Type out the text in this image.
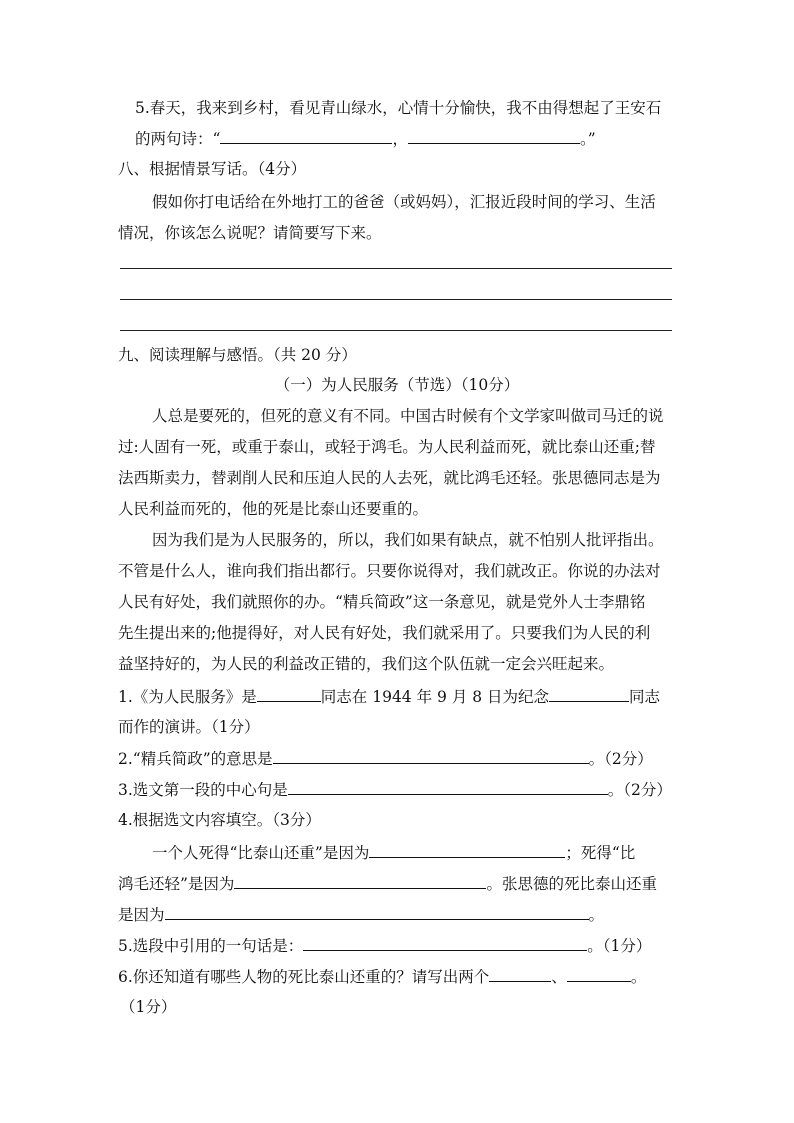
5.春天，我来到乡村，看见青山绿水，心情十分愉快，我不由得想起了王安石
的两句诗：“	，	。”
八、根据情景写话。（4分）
假如你打电话给在外地打工的爸爸（或妈妈），汇报近段时间的学习、生活
情况，你该怎么说呢？请简要写下来。
九、阅读理解与感悟。（共 20 分）
（一）为人民服务（节选）（10分）
人总是要死的，但死的意义有不同。中国古时候有个文学家叫做司马迁的说
过:人固有一死，或重于泰山，或轻于鸿毛。为人民利益而死，就比泰山还重;替
法西斯卖力，替剥削人民和压迫人民的人去死，就比鸿毛还轻。张思德同志是为
人民利益而死的，他的死是比泰山还要重的。
因为我们是为人民服务的，所以，我们如果有缺点，就不怕别人批评指出。
不管是什么人，谁向我们指出都行。只要你说得对，我们就改正。你说的办法对
人民有好处，我们就照你的办。“精兵简政”这一条意见，就是党外人士李鼎铭
先生提出来的;他提得好，对人民有好处，我们就采用了。只要我们为人民的利
益坚持好的，为人民的利益改正错的，我们这个队伍就一定会兴旺起来。
1.《为人民服务》是	同志在 1944 年 9 月 8 日为纪念	同志
而作的演讲。（1分）
2.“精兵简政”的意思是	。（2分）
3.选文第一段的中心句是	。（2分）
4.根据选文内容填空。（3分）
一个人死得“比泰山还重”是因为	；死得“比
鸿毛还轻”是因为	。张思德的死比泰山还重
是因为	。
5.选段中引用的一句话是：	。（1分）
6.你还知道有哪些人物的死比泰山还重的？请写出两个	、	。
（1分）
